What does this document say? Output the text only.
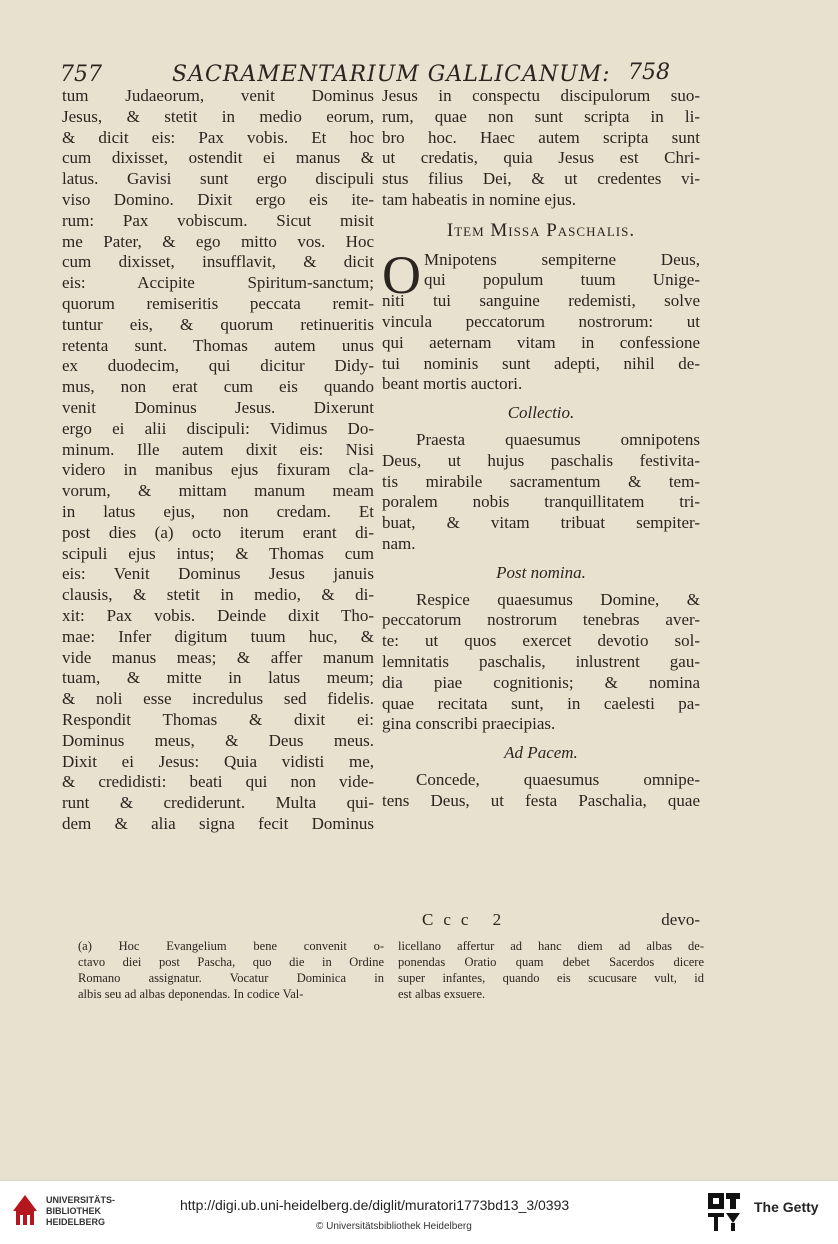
757	SACRAMENTARIUM GALLICANUM: 758
tum Judaeorum, venit Dominus
Jesus, & stetit in medio eorum,
& dicit eis: Pax vobis. Et hoc
cum dixisset, ostendit ei manus &
latus. Gavisi sunt ergo discipuli
viso Domino. Dixit ergo eis ite-
rum: Pax vobiscum. Sicut misit
me Pater, & ego mitto vos. Hoc
cum dixisset, insufflavit, & dicit
eis: Accipite Spiritum-sanctum;
quorum remiseritis peccata remit-
tuntur eis, & quorum retinueritis
retenta sunt. Thomas autem unus
ex duodecim, qui dicitur Didy-
mus, non erat cum eis quando
venit Dominus Jesus. Dixerunt
ergo ei alii discipuli: Vidimus Do-
minum. Ille autem dixit eis: Nisi
videro in manibus ejus fixuram cla-
vorum, & mittam manum meam
in latus ejus, non credam. Et
post dies (a) octo iterum erant di-
scipuli ejus intus; & Thomas cum
eis: Venit Dominus Jesus januis
clausis, & stetit in medio, & di-
xit: Pax vobis. Deinde dixit Tho-
mae: Infer digitum tuum huc, &
vide manus meas; & affer manum
tuam, & mitte in latus meum;
& noli esse incredulus sed fidelis.
Respondit Thomas & dixit ei:
Dominus meus, & Deus meus.
Dixit ei Jesus: Quia vidisti me,
& credidisti: beati qui non vide-
runt & crediderunt. Multa qui-
dem & alia signa fecit Dominus
Jesus in conspectu discipulorum suo-
rum, quae non sunt scripta in li-
bro hoc. Haec autem scripta sunt
ut credatis, quia Jesus est Chri-
stus filius Dei, & ut credentes vi-
tam habeatis in nomine ejus.
Item Missa Paschalis.
O Mnipotens sempiterne Deus,
qui populum tuum Unige-
niti tui sanguine redemisti, solve
vincula peccatorum nostrorum: ut
qui aeternam vitam in confessione
tui nominis sunt adepti, nihil de-
beant mortis auctori.
Collectio.
Praesta quaesumus omnipotens
Deus, ut hujus paschalis festivita-
tis mirabile sacramentum & tem-
poralem nobis tranquillitatem tri-
buat, & vitam tribuat sempiter-
nam.
Post nomina.
Respice quaesumus Domine, &
peccatorum nostrorum tenebras aver-
te: ut quos exercet devotio sol-
lemnitatis paschalis, inlustrent gau-
dia piae cognitionis; & nomina
quae recitata sunt, in caelesti pa-
gina conscribi praecipias.
Ad Pacem.
Concede, quaesumus omnipe-
tens Deus, ut festa Paschalia, quae
Ccc 2	devo-
(a) Hoc Evangelium bene convenit o-
ctavo diei post Pascha, quo die in Ordine
Romano assignatur. Vocatur Dominica in
albis seu ad albas deponendas. In codice Val-
licellano affertur ad hanc diem ad albas de-
ponendas Oratio quam debet Sacerdos dicere
super infantes, quando eis scucusare vult, id
est albas exsuere.
UNIVERSITÄTS-
BIBLIOTHEK
HEIDELBERG
http://digi.ub.uni-heidelberg.de/diglit/muratori1773bd13_3/0393
© Universitätsbibliothek Heidelberg
The Getty
